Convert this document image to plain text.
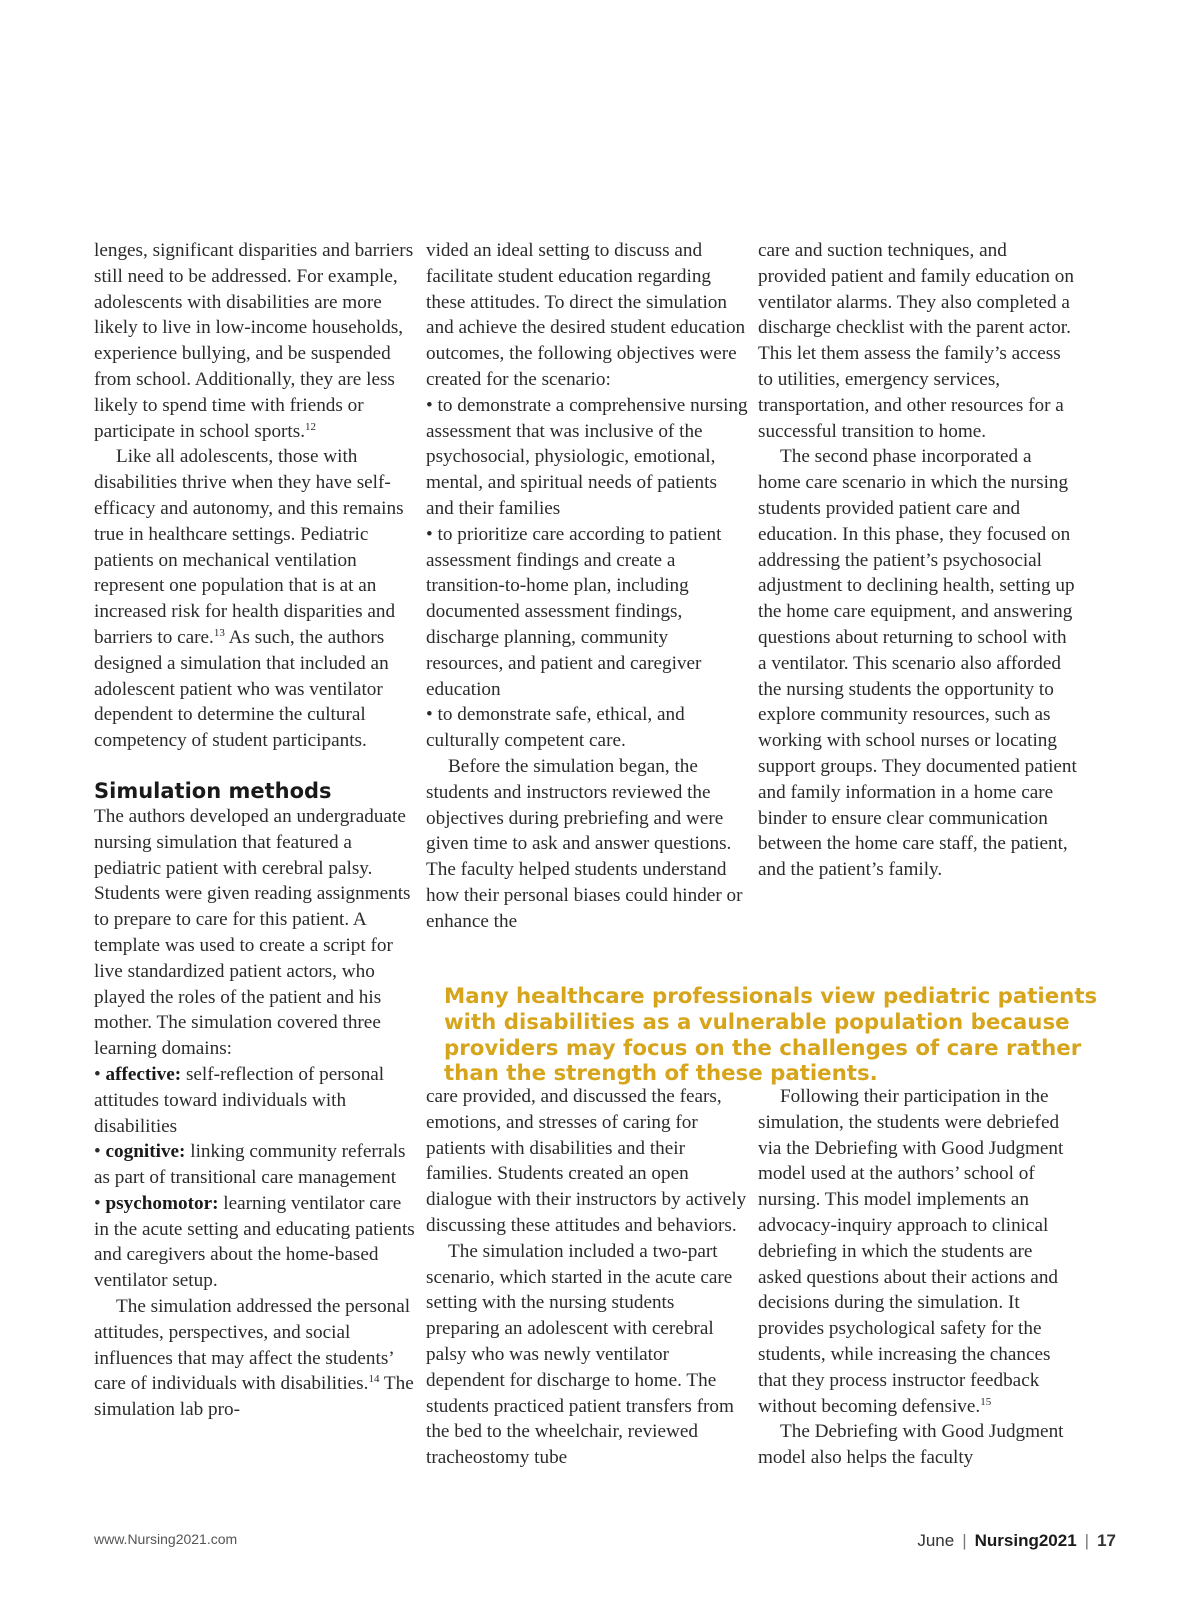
lenges, significant disparities and barriers still need to be addressed. For example, adolescents with disabilities are more likely to live in low-income households, experience bullying, and be suspended from school. Additionally, they are less likely to spend time with friends or participate in school sports.$^{12}$

Like all adolescents, those with disabilities thrive when they have self-efficacy and autonomy, and this remains true in healthcare settings. Pediatric patients on mechanical ventilation represent one population that is at an increased risk for health disparities and barriers to care.$^{13}$ As such, the authors designed a simulation that included an adolescent patient who was ventilator dependent to determine the cultural competency of student participants.

Simulation methods

The authors developed an undergraduate nursing simulation that featured a pediatric patient with cerebral palsy. Students were given reading assignments to prepare to care for this patient. A template was used to create a script for live standardized patient actors, who played the roles of the patient and his mother. The simulation covered three learning domains:

• affective: self-reflection of personal attitudes toward individuals with disabilities

• cognitive: linking community referrals as part of transitional care management

• psychomotor: learning ventilator care in the acute setting and educating patients and caregivers about the home-based ventilator setup.

The simulation addressed the personal attitudes, perspectives, and social influences that may affect the students’ care of individuals with disabilities.$^{14}$ The simulation lab pro-

vided an ideal setting to discuss and facilitate student education regarding these attitudes. To direct the simulation and achieve the desired student education outcomes, the following objectives were created for the scenario:

• to demonstrate a comprehensive nursing assessment that was inclusive of the psychosocial, physiologic, emotional, mental, and spiritual needs of patients and their families

• to prioritize care according to patient assessment findings and create a transition-to-home plan, including documented assessment findings, discharge planning, community resources, and patient and caregiver education

• to demonstrate safe, ethical, and culturally competent care.

Before the simulation began, the students and instructors reviewed the objectives during prebriefing and were given time to ask and answer questions. The faculty helped students understand how their personal biases could hinder or enhance the

care and suction techniques, and provided patient and family education on ventilator alarms. They also completed a discharge checklist with the parent actor. This let them assess the family’s access to utilities, emergency services, transportation, and other resources for a successful transition to home.

The second phase incorporated a home care scenario in which the nursing students provided patient care and education. In this phase, they focused on addressing the patient’s psychosocial adjustment to declining health, setting up the home care equipment, and answering questions about returning to school with a ventilator. This scenario also afforded the nursing students the opportunity to explore community resources, such as working with school nurses or locating support groups. They documented patient and family information in a home care binder to ensure clear communication between the home care staff, the patient, and the patient’s family.

Many healthcare professionals view pediatric patients with disabilities as a vulnerable population because providers may focus on the challenges of care rather than the strength of these patients.

care provided, and discussed the fears, emotions, and stresses of caring for patients with disabilities and their families. Students created an open dialogue with their instructors by actively discussing these attitudes and behaviors.

The simulation included a two-part scenario, which started in the acute care setting with the nursing students preparing an adolescent with cerebral palsy who was newly ventilator dependent for discharge to home. The students practiced patient transfers from the bed to the wheelchair, reviewed tracheostomy tube

Following their participation in the simulation, the students were debriefed via the Debriefing with Good Judgment model used at the authors’ school of nursing. This model implements an advocacy-inquiry approach to clinical debriefing in which the students are asked questions about their actions and decisions during the simulation. It provides psychological safety for the students, while increasing the chances that they process instructor feedback without becoming defensive.$^{15}$

The Debriefing with Good Judgment model also helps the faculty

www.Nursing2021.com	June | Nursing2021 | 17
